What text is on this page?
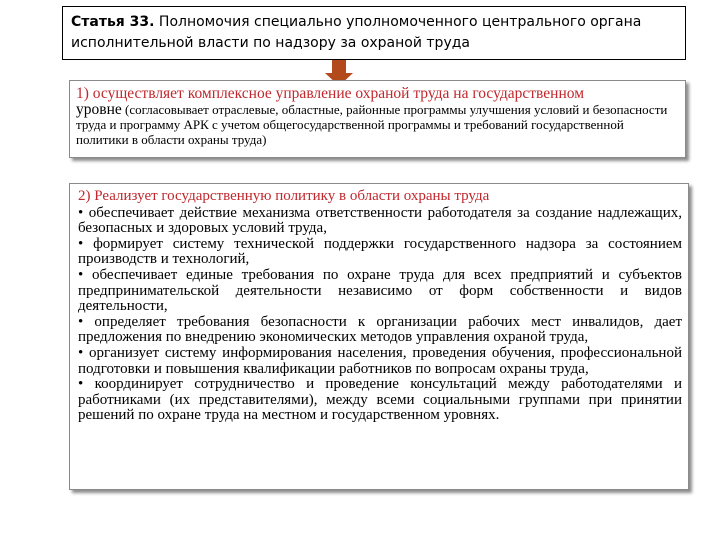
Статья 33. Полномочия специально уполномоченного центрального органа исполнительной власти по надзору за охраной труда
1) осуществляет комплексное управление охраной труда на государственном
уровне (согласовывает отраслевые, областные, районные программы улучшения условий и безопасности труда и программу АРК с учетом общегосударственной программы и требований государственной политики в области охраны труда)
2) Реализует государственную политику в области охраны труда

• обеспечивает действие механизма ответственности работодателя за создание надлежащих, безопасных и здоровых условий труда,

• формирует систему технической поддержки государственного надзора за состоянием производств и технологий,

• обеспечивает единые требования по охране труда для всех предприятий и субъектов предпринимательской деятельности независимо от форм собственности и видов деятельности,

• определяет требования безопасности к организации рабочих мест инвалидов, дает предложения по внедрению экономических методов управления охраной труда,

• организует систему информирования населения, проведения обучения, профессиональной подготовки и повышения квалификации работников по вопросам охраны труда,

• координирует сотрудничество и проведение консультаций между работодателями и работниками (их представителями), между всеми социальными группами при принятии решений по охране труда на местном и государственном уровнях.
